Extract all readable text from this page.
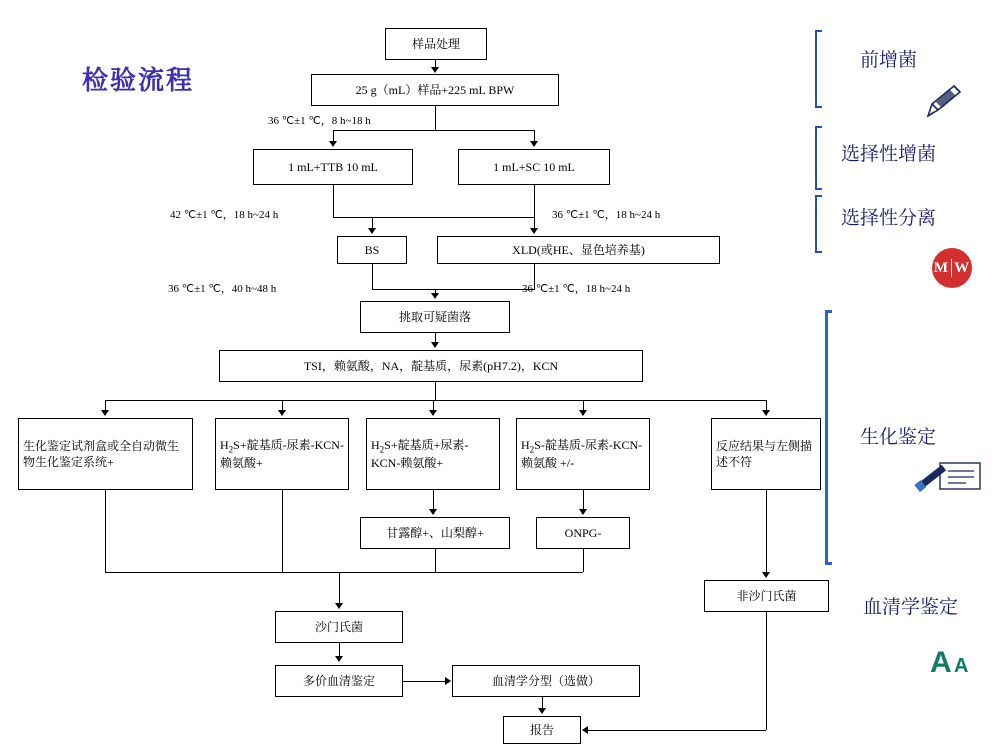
检验流程
样品处理
25 g（mL）样品+225 mL BPW
1 mL+TTB 10 mL	1 mL+SC 10 mL
BS	XLD(或HE、显色培养基)
挑取可疑菌落
TSI，赖氨酸，NA，靛基质，尿素(pH7.2)，KCN
生化鉴定试剂盒或全自动微生物生化鉴定系统+
$H_2S+$靛基质-尿素-KCN-赖氨酸+
$H_2S+$靛基质+尿素-KCN-赖氨酸+
$H_2S-$靛基质-尿素-KCN-赖氨酸 +/-
反应结果与左侧描述不符
甘露醇+、山梨醇+	ONPG-
非沙门氏菌
沙门氏菌
多价血清鉴定	血清学分型（选做）
报告
36 ℃±1 ℃，8 h~18 h
42 ℃±1 ℃，18 h~24 h	36 ℃±1 ℃，18 h~24 h
36 ℃±1 ℃，40 h~48 h	36 ℃±1 ℃，18 h~24 h
前增菌
选择性增菌
选择性分离
生化鉴定
血清学鉴定
M W
A A
